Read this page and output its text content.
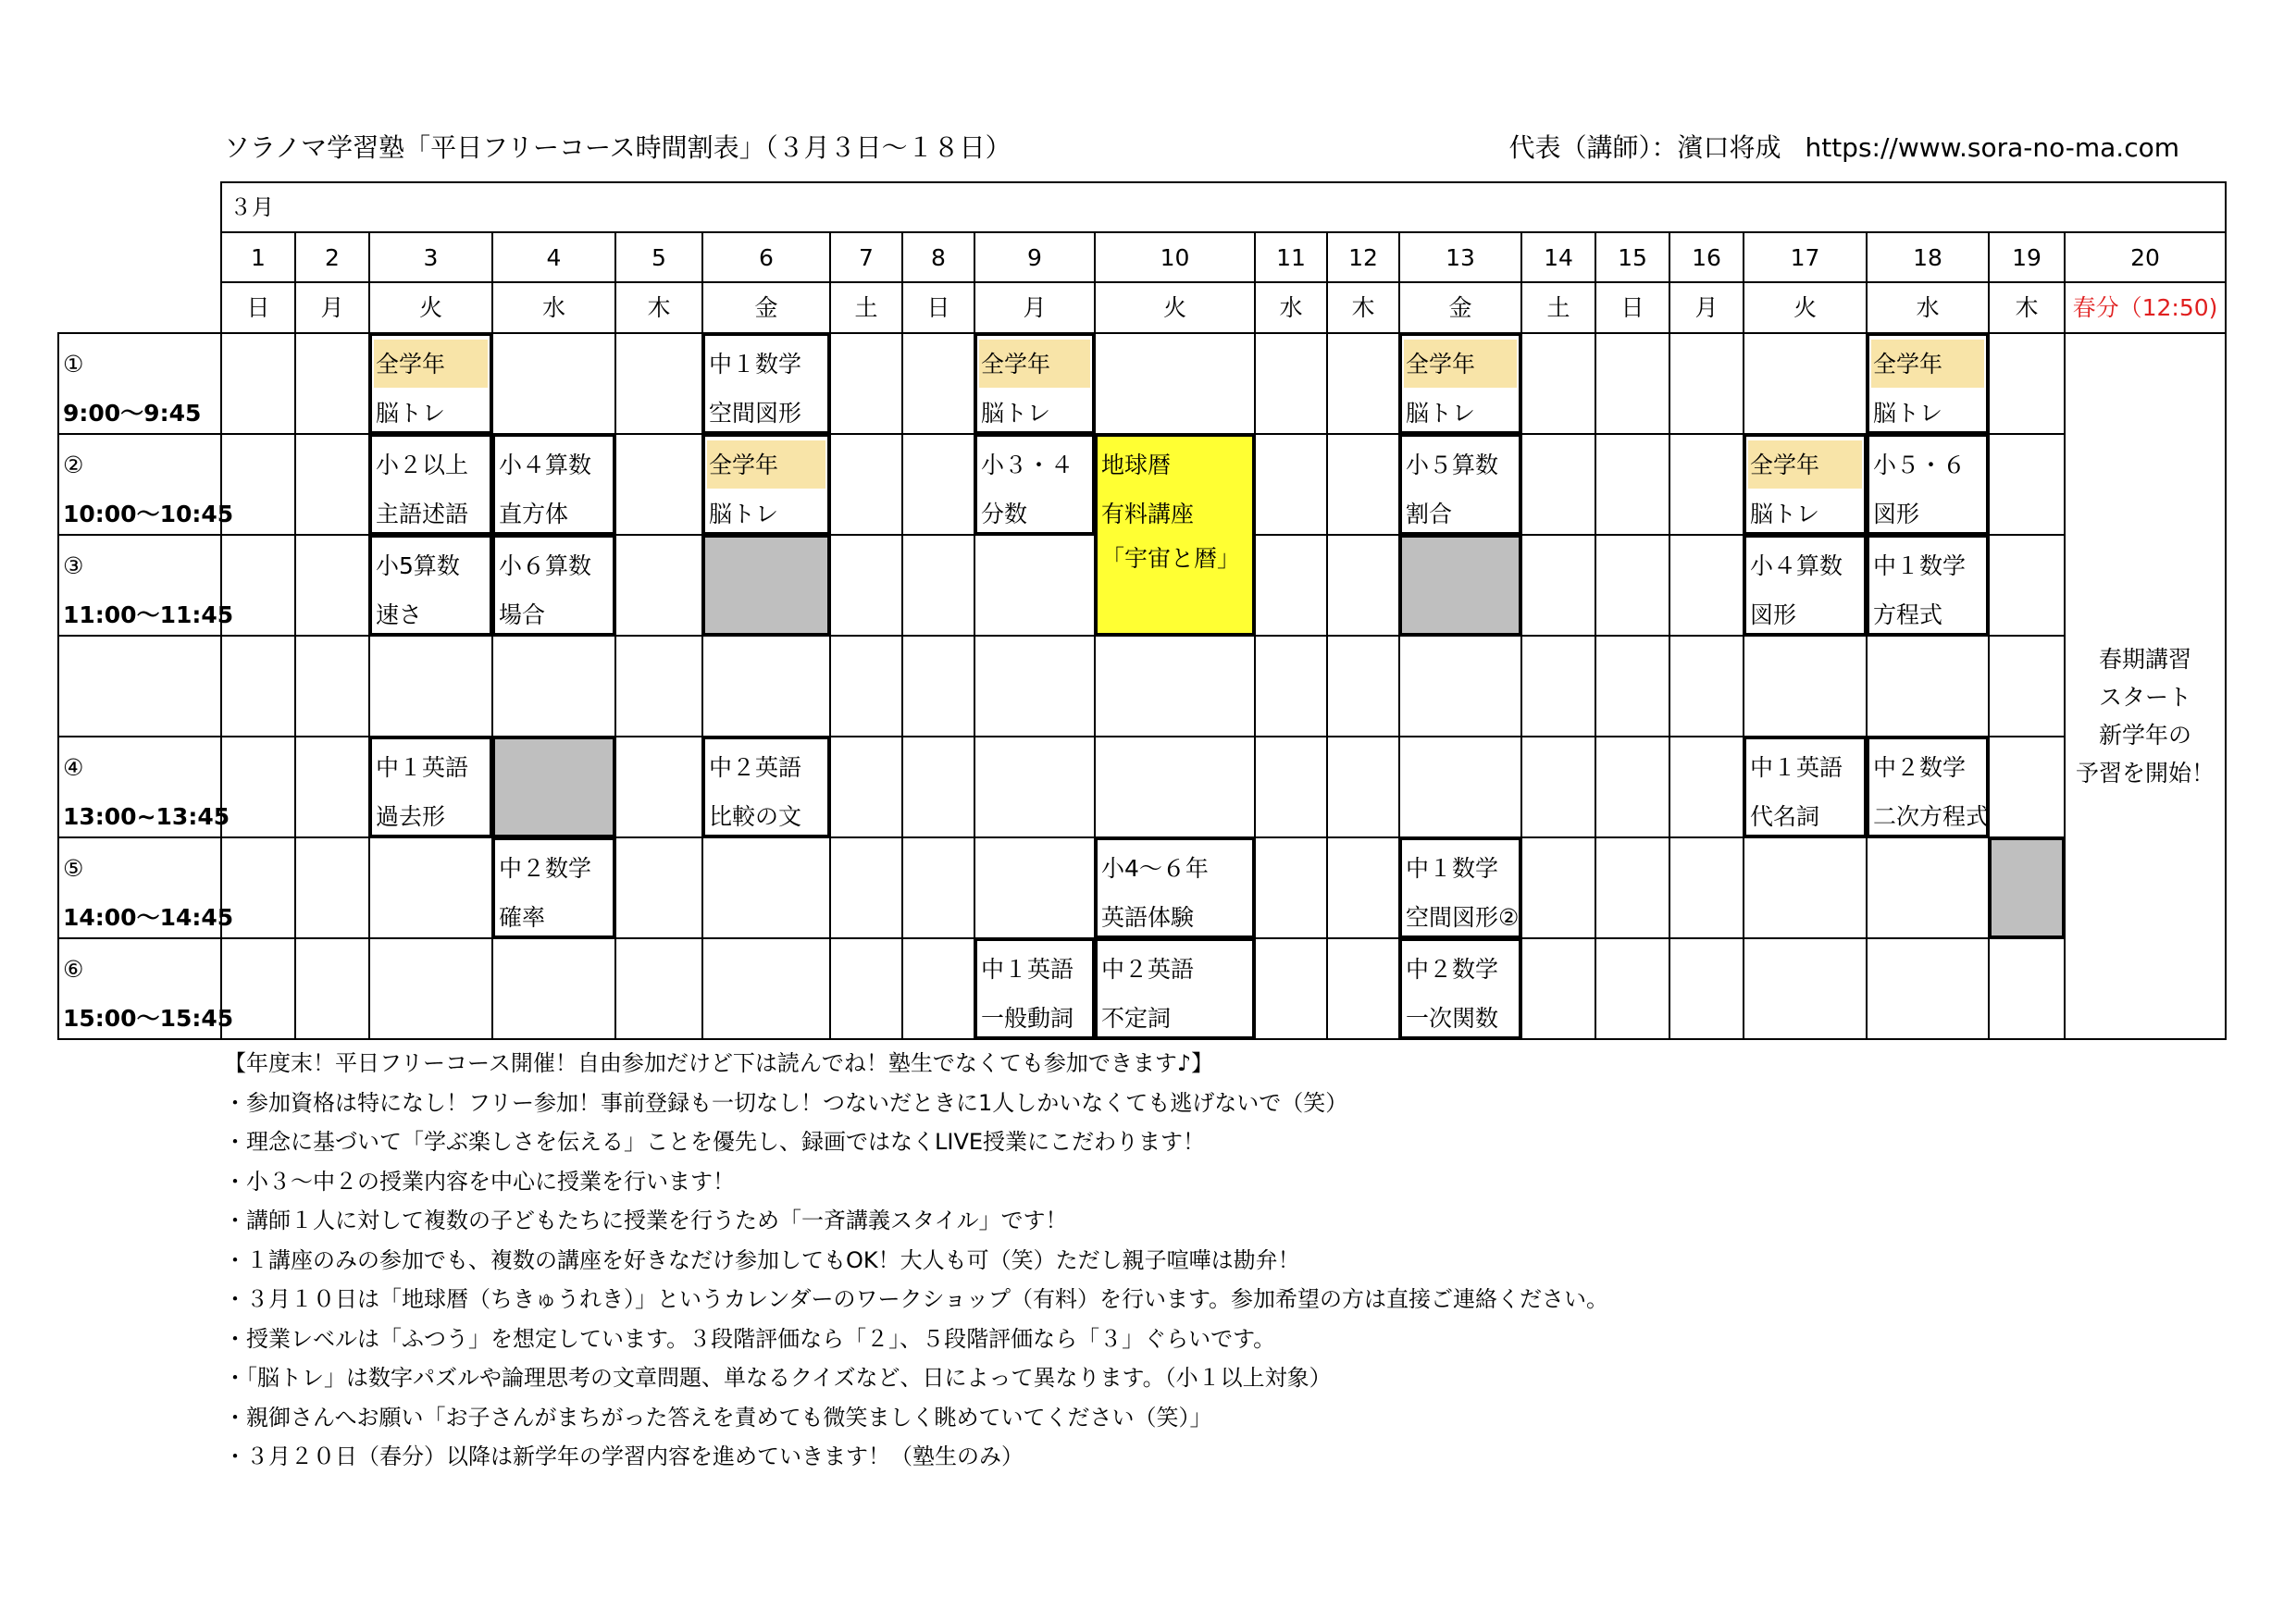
ソラノマ学習塾「平日フリーコース時間割表」（３月３日〜１８日）	代表（講師）：濱口将成 https://www.sora-no-ma.com
３月
1
日
2
月
3
火
4
水
5
木
6
金
7
土
8
日
9
月
10
火
11
水
12
木
13
金
14
土
15
日
16
月
17
火
18
水
19
木
20
春分（12:50)
①
9:00〜9:45
②
10:00〜10:45
③
11:00〜11:45
④
13:00~13:45
⑤
14:00〜14:45
⑥
15:00〜15:45
春期講習
スタート
新学年の
予習を開始！
全学年
脳トレ
中１数学
空間図形
全学年
脳トレ
全学年
脳トレ
全学年
脳トレ
小２以上
主語述語
小４算数
直方体
全学年
脳トレ
小３・４
分数
地球暦
有料講座
「宇宙と暦」
小５算数
割合
全学年
脳トレ
小５・６
図形
小5算数
速さ
小６算数
場合
小４算数
図形
中１数学
方程式
中１英語
過去形
中２英語
比較の文
中１英語
代名詞
中２数学
二次方程式
中２数学
確率
小4〜６年
英語体験
中１数学
空間図形②
中１英語
一般動詞
中２英語
不定詞
中２数学
一次関数
【年度末！平日フリーコース開催！自由参加だけど下は読んでね！塾生でなくても参加できます♪】
・参加資格は特になし！フリー参加！事前登録も一切なし！つないだときに1人しかいなくても逃げないで（笑）
・理念に基づいて「学ぶ楽しさを伝える」ことを優先し、録画ではなくLIVE授業にこだわります！
・小３〜中２の授業内容を中心に授業を行います！
・講師１人に対して複数の子どもたちに授業を行うため「一斉講義スタイル」です！
・１講座のみの参加でも、複数の講座を好きなだけ参加してもOK！大人も可（笑）ただし親子喧嘩は勘弁！
・３月１０日は「地球暦（ちきゅうれき）」というカレンダーのワークショップ（有料）を行います。参加希望の方は直接ご連絡ください。
・授業レベルは「ふつう」を想定しています。３段階評価なら「２」、５段階評価なら「３」ぐらいです。
・「脳トレ」は数字パズルや論理思考の文章問題、単なるクイズなど、日によって異なります。（小１以上対象）
・親御さんへお願い「お子さんがまちがった答えを責めても微笑ましく眺めていてください（笑）」
・３月２０日（春分）以降は新学年の学習内容を進めていきます！（塾生のみ）
